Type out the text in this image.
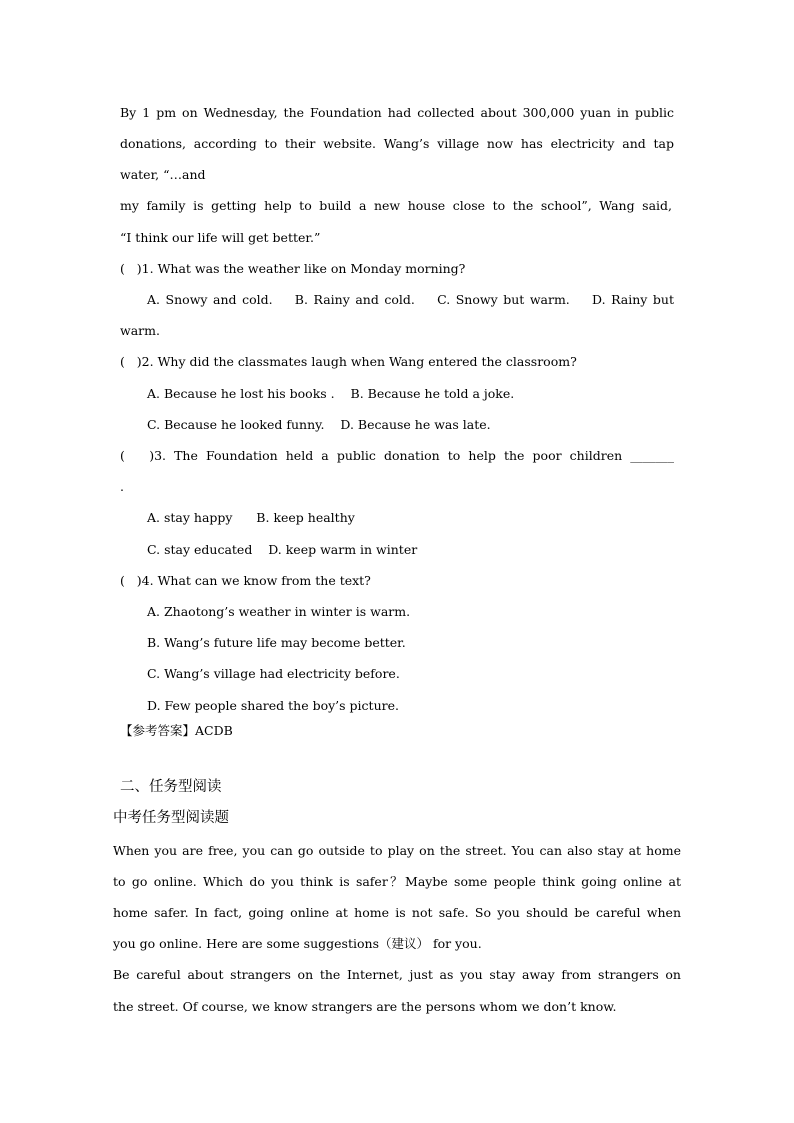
By 1 pm on Wednesday, the Foundation had collected about 300,000 yuan in public
donations, according to their website. Wang’s village now has electricity and tap
water, “…and
my family is getting help to build a new house close to the school”, Wang said,
“I think our life will get better.”
(   )1. What was the weather like on Monday morning?
A. Snowy and cold.    B. Rainy and cold.    C. Snowy but warm.    D. Rainy but
warm.
(   )2. Why did the classmates laugh when Wang entered the classroom?
A. Because he lost his books .    B. Because he told a joke.
C. Because he looked funny.    D. Because he was late.
(   )3. The Foundation held a public donation to help the poor children _______
.
A. stay happy      B. keep healthy
C. stay educated    D. keep warm in winter
(   )4. What can we know from the text?
A. Zhaotong’s weather in winter is warm.
B. Wang’s future life may become better.
C. Wang’s village had electricity before.
D. Few people shared the boy’s picture.
【参考答案】ACDB
二、任务型阅读
中考任务型阅读题
When you are free, you can go outside to play on the street. You can also stay at home
to go online. Which do you think is safer？Maybe some people think going online at
home safer. In fact, going online at home is not safe. So you should be careful when
you go online. Here are some suggestions（建议） for you.
Be careful about strangers on the Internet, just as you stay away from strangers on
the street. Of course, we know strangers are the persons whom we don’t know.
